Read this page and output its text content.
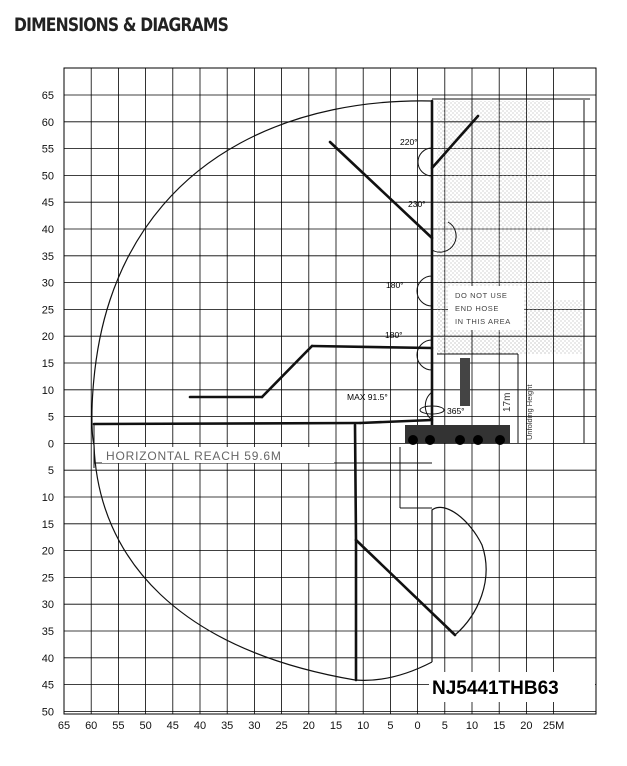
DIMENSIONS & DIAGRAMS
65
60
55
50
45
40
35
30
25
20
15
10
5
0
5
10
15
20
25
30
35
40
45
50
65 60 55 50 45 40 35 30 25 20 15 10 5 0 5 10 15 20 25M
DO NOT USE
END HOSE
IN THIS AREA
Unfolding Height
17m
220°
230°
180°
180°
MAX 91.5°
365°
HORIZONTAL REACH 59.6M
NJ5441THB63
